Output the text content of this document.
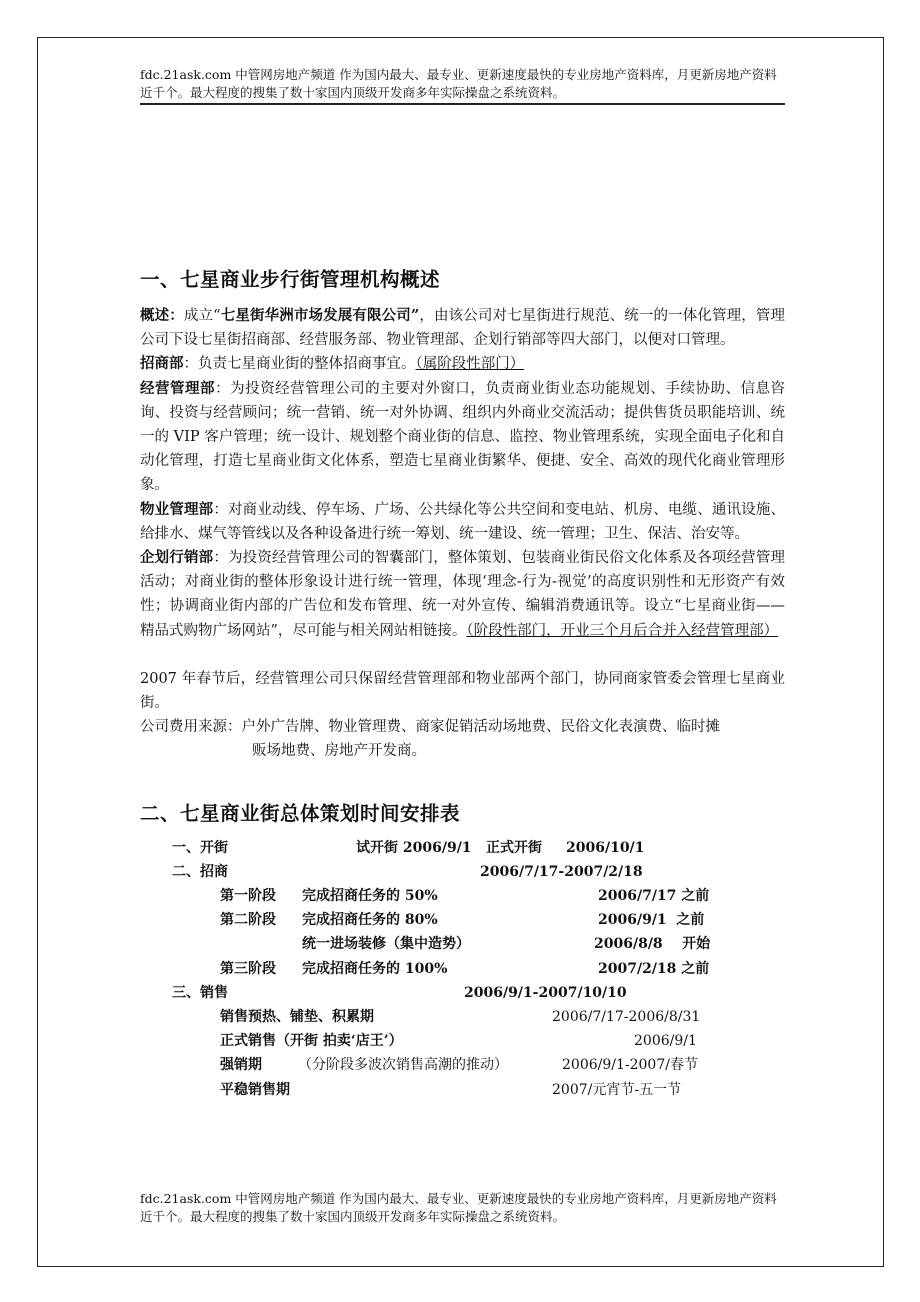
fdc.21ask.com 中管网房地产频道 作为国内最大、最专业、更新速度最快的专业房地产资料库，月更新房地产资料近千个。最大程度的搜集了数十家国内顶级开发商多年实际操盘之系统资料。
一、七星商业步行街管理机构概述

概述：成立“七星街华洲市场发展有限公司”，由该公司对七星街进行规范、统一的一体化管理，管理公司下设七星街招商部、经营服务部、物业管理部、企划行销部等四大部门，以便对口管理。

招商部：负责七星商业街的整体招商事宜。（属阶段性部门）

经营管理部：为投资经营管理公司的主要对外窗口，负责商业街业态功能规划、手续协助、信息咨询、投资与经营顾问；统一营销、统一对外协调、组织内外商业交流活动；提供售货员职能培训、统一的 VIP 客户管理；统一设计、规划整个商业街的信息、监控、物业管理系统，实现全面电子化和自动化管理，打造七星商业街文化体系，塑造七星商业街繁华、便捷、安全、高效的现代化商业管理形象。

物业管理部：对商业动线、停车场、广场、公共绿化等公共空间和变电站、机房、电缆、通讯设施、给排水、煤气等管线以及各种设备进行统一筹划、统一建设、统一管理；卫生、保洁、治安等。

企划行销部：为投资经营管理公司的智囊部门，整体策划、包装商业街民俗文化体系及各项经营管理活动；对商业街的整体形象设计进行统一管理，体现‘理念-行为-视觉’的高度识别性和无形资产有效性；协调商业街内部的广告位和发布管理、统一对外宣传、编辑消费通讯等。设立“七星商业街——精品式购物广场网站”，尽可能与相关网站相链接。（阶段性部门，开业三个月后合并入经营管理部）

2007 年春节后，经营管理公司只保留经营管理部和物业部两个部门，协同商家管委会管理七星商业街。

公司费用来源：户外广告牌、物业管理费、商家促销活动场地费、民俗文化表演费、临时摊

贩场地费、房地产开发商。

二、七星商业街总体策划时间安排表
一、开街	试开街 2006/9/1 正式开街 2006/10/1
二、招商	2006/7/17-2007/2/18
第一阶段 完成招商任务的 50%	2006/7/17 之前
第二阶段 完成招商任务的 80%	2006/9/1  之前
统一进场装修（集中造势）	2006/8/8    开始
第三阶段 完成招商任务的 100%	2007/2/18 之前
三、销售	2006/9/1-2007/10/10
销售预热、铺垫、积累期	2006/7/17-2006/8/31
正式销售（开街 拍卖‘店王’）	2006/9/1
强销期	（分阶段多波次销售高潮的推动）	2006/9/1-2007/春节
平稳销售期	2007/元宵节-五一节
fdc.21ask.com 中管网房地产频道 作为国内最大、最专业、更新速度最快的专业房地产资料库，月更新房地产资料近千个。最大程度的搜集了数十家国内顶级开发商多年实际操盘之系统资料。
